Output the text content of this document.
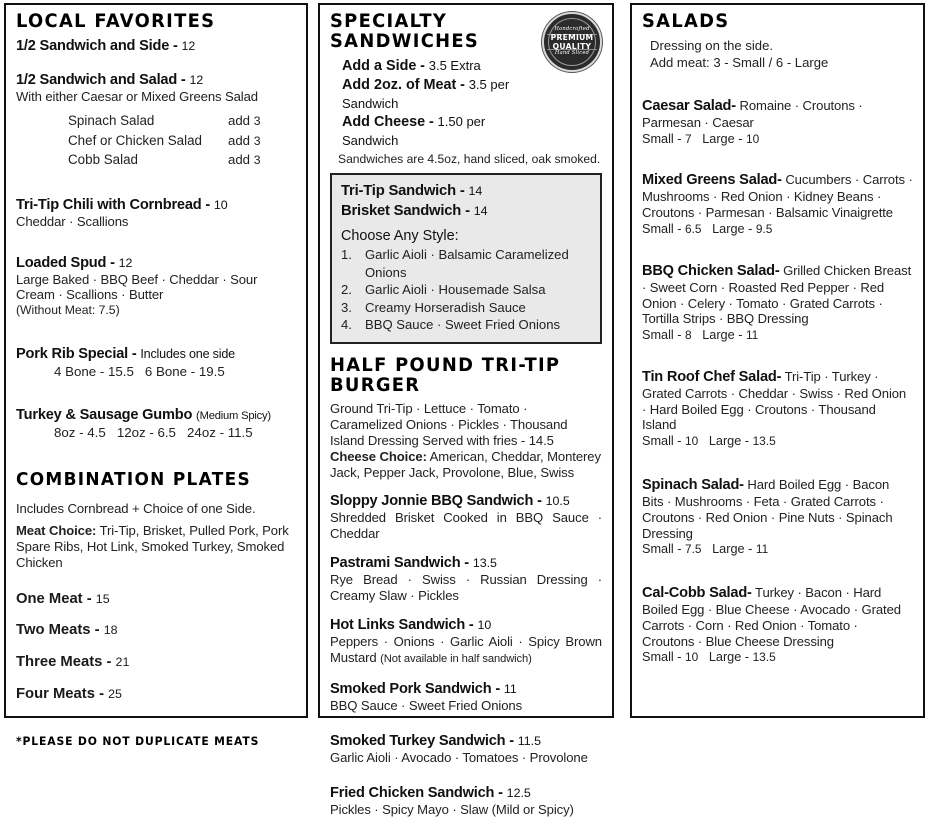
LOCAL FAVORITES
1/2 Sandwich and Side - 12
1/2 Sandwich and Salad - 12
With either Caesar or Mixed Greens Salad
Spinach Salad	add 3
Chef or Chicken Salad	add 3
Cobb Salad	add 3
Tri-Tip Chili with Cornbread - 10
Cheddar · Scallions
Loaded Spud - 12
Large Baked · BBQ Beef · Cheddar · Sour Cream · Scallions · Butter
(Without Meat: 7.5)
Pork Rib Special - Includes one side
4 Bone - 15.5   6 Bone - 19.5
Turkey & Sausage Gumbo (Medium Spicy)
8oz - 4.5   12oz - 6.5   24oz - 11.5
COMBINATION PLATES
Includes Cornbread + Choice of one Side.
Meat Choice: Tri-Tip, Brisket, Pulled Pork, Pork Spare Ribs, Hot Link, Smoked Turkey, Smoked Chicken
One Meat - 15
Two Meats - 18
Three Meats - 21
Four Meats - 25
*PLEASE DO NOT DUPLICATE MEATS
Handcrafted
PREMIUM
QUALITY
Hand Sliced
SPECIALTY SANDWICHES
Add a Side - 3.5 Extra
Add 2oz. of Meat - 3.5 per Sandwich
Add Cheese - 1.50 per Sandwich
Sandwiches are 4.5oz, hand sliced, oak smoked.
Tri-Tip Sandwich - 14
Brisket Sandwich - 14
Choose Any Style:
1. Garlic Aioli · Balsamic Caramelized Onions
2. Garlic Aioli · Housemade Salsa
3. Creamy Horseradish Sauce
4. BBQ Sauce · Sweet Fried Onions
HALF POUND TRI-TIP BURGER
Ground Tri-Tip · Lettuce · Tomato · Caramelized Onions · Pickles · Thousand Island Dressing Served with fries - 14.5
Cheese Choice: American, Cheddar, Monterey Jack, Pepper Jack, Provolone, Blue, Swiss
Sloppy Jonnie BBQ Sandwich - 10.5
Shredded Brisket Cooked in BBQ Sauce · Cheddar
Pastrami Sandwich - 13.5
Rye Bread · Swiss · Russian Dressing · Creamy Slaw · Pickles
Hot Links Sandwich - 10
Peppers · Onions · Garlic Aioli · Spicy Brown Mustard (Not available in half sandwich)
Smoked Pork Sandwich - 11
BBQ Sauce · Sweet Fried Onions
Smoked Turkey Sandwich - 11.5
Garlic Aioli · Avocado · Tomatoes · Provolone
Fried Chicken Sandwich - 12.5
Pickles · Spicy Mayo · Slaw (Mild or Spicy)
SALADS
Dressing on the side.
Add meat: 3 - Small / 6 - Large
Caesar Salad- Romaine · Croutons · Parmesan · Caesar
Small - 7 Large - 10
Mixed Greens Salad- Cucumbers · Carrots · Mushrooms · Red Onion · Kidney Beans · Croutons · Parmesan · Balsamic Vinaigrette
Small - 6.5 Large - 9.5
BBQ Chicken Salad- Grilled Chicken Breast · Sweet Corn · Roasted Red Pepper · Red Onion · Celery · Tomato · Grated Carrots · Tortilla Strips · BBQ Dressing
Small - 8 Large - 11
Tin Roof Chef Salad- Tri-Tip · Turkey · Grated Carrots · Cheddar · Swiss · Red Onion · Hard Boiled Egg · Croutons · Thousand Island
Small - 10 Large - 13.5
Spinach Salad- Hard Boiled Egg · Bacon Bits · Mushrooms · Feta · Grated Carrots · Croutons · Red Onion · Pine Nuts · Spinach Dressing
Small - 7.5 Large - 11
Cal-Cobb Salad- Turkey · Bacon · Hard Boiled Egg · Blue Cheese · Avocado · Grated Carrots · Corn · Red Onion · Tomato · Croutons · Blue Cheese Dressing
Small - 10 Large - 13.5
